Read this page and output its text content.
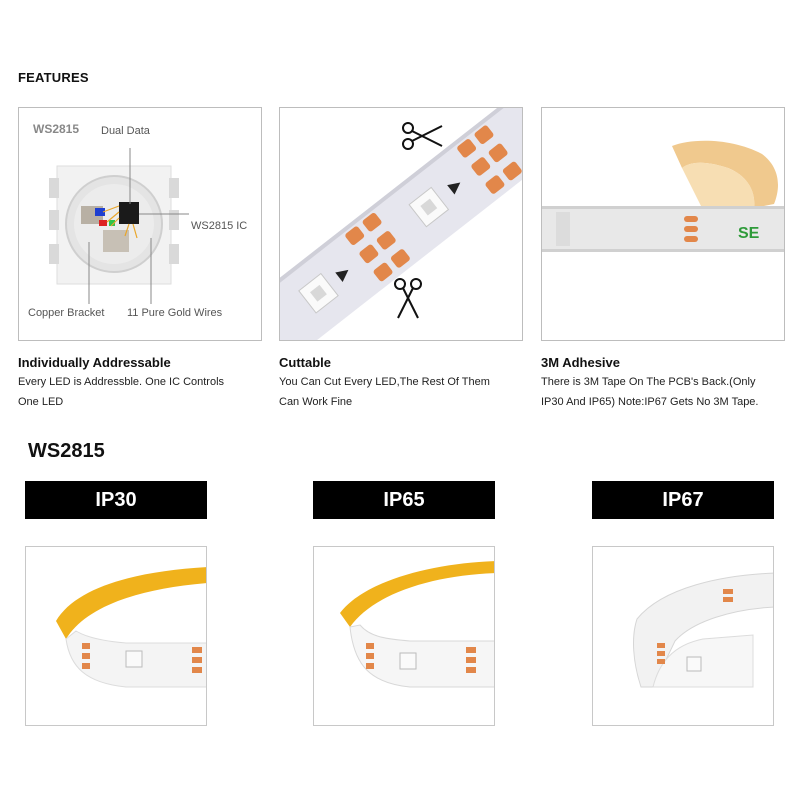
FEATURES
WS2815 Dual Data
WS2815 IC
Copper Bracket 11 Pure Gold Wires
SE
Individually Addressable
Every LED is Addressble. One IC Controls
One LED
Cuttable
You Can Cut Every LED,The Rest Of Them
Can Work Fine
3M Adhesive
There is 3M Tape On The PCB's Back.(Only
IP30 And IP65) Note:IP67 Gets No 3M Tape.
WS2815
IP30	IP65	IP67
